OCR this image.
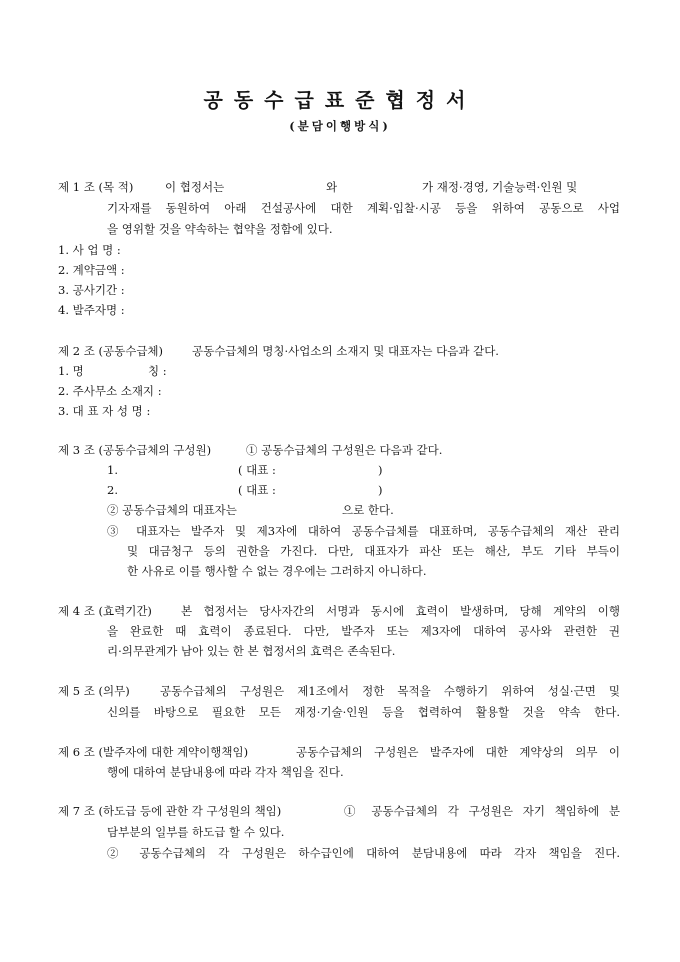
공동수급표준협정서
(분담이행방식)
제 1 조 (목 적)	이 협정서는	와	가 재정·경영, 기술능력·인원 및
기자재를 동원하여 아래 건설공사에 대한 계획·입찰·시공 등을 위하여 공동으로 사업
을 영위할 것을 약속하는 협약을 정함에 있다.
1. 사 업 명 :
2. 계약금액 :
3. 공사기간 :
4. 발주자명 :
제 2 조 (공동수급체)	공동수급체의 명칭·사업소의 소재지 및 대표자는 다음과 같다.
1. 명	칭 :
2. 주사무소 소재지 :
3. 대 표 자 성 명 :
제 3 조 (공동수급체의 구성원)	① 공동수급체의 구성원은 다음과 같다.
1.	( 대표 :	)
2.	( 대표 :	)
② 공동수급체의 대표자는	으로 한다.
③ 대표자는 발주자 및 제3자에 대하여 공동수급체를 대표하며, 공동수급체의 재산 관리
및 대금청구 등의 권한을 가진다. 다만, 대표자가 파산 또는 해산, 부도 기타 부득이
한 사유로 이를 행사할 수 없는 경우에는 그러하지 아니하다.
제 4 조 (효력기간)	본 협정서는 당사자간의 서명과 동시에 효력이 발생하며, 당해 계약의 이행
을 완료한 때 효력이 종료된다. 다만, 발주자 또는 제3자에 대하여 공사와 관련한 권
리·의무관계가 남아 있는 한 본 협정서의 효력은 존속된다.
제 5 조 (의무)	공동수급체의 구성원은 제1조에서 정한 목적을 수행하기 위하여 성실·근면 및
신의를 바탕으로 필요한 모든 재정·기술·인원 등을 협력하여 활용할 것을 약속 한다.
제 6 조 (발주자에 대한 계약이행책임)	공동수급체의 구성원은 발주자에 대한 계약상의 의무 이
행에 대하여 분담내용에 따라 각자 책임을 진다.
제 7 조 (하도급 등에 관한 각 구성원의 책임)	① 공동수급체의 각 구성원은 자기 책임하에 분
담부분의 일부를 하도급 할 수 있다.
② 공동수급체의 각 구성원은 하수급인에 대하여 분담내용에 따라 각자 책임을 진다.
